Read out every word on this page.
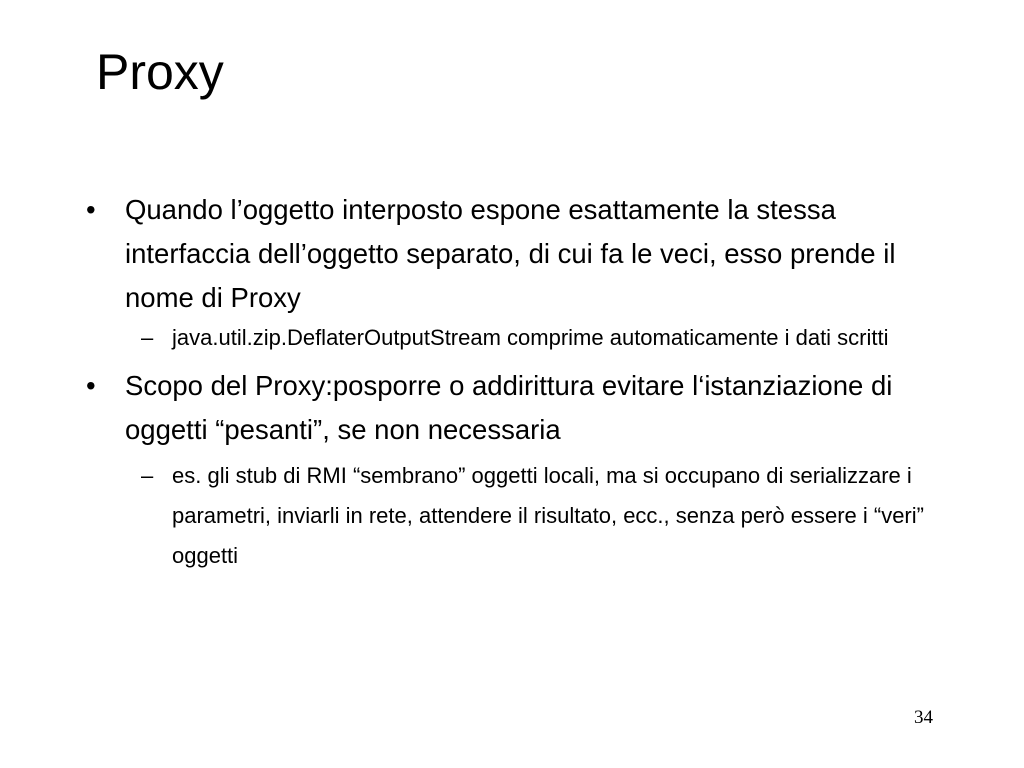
Proxy
• Quando l’oggetto interposto espone esattamente la stessa interfaccia dell’oggetto separato, di cui fa le veci, esso prende il nome di Proxy
– java.util.zip.DeflaterOutputStream comprime automaticamente i dati scritti
• Scopo del Proxy:posporre o addirittura evitare l‘istanziazione di oggetti “pesanti”, se non necessaria
– es. gli stub di RMI “sembrano” oggetti locali, ma si occupano di serializzare i parametri, inviarli in rete, attendere il risultato, ecc., senza però essere i “veri” oggetti
34
